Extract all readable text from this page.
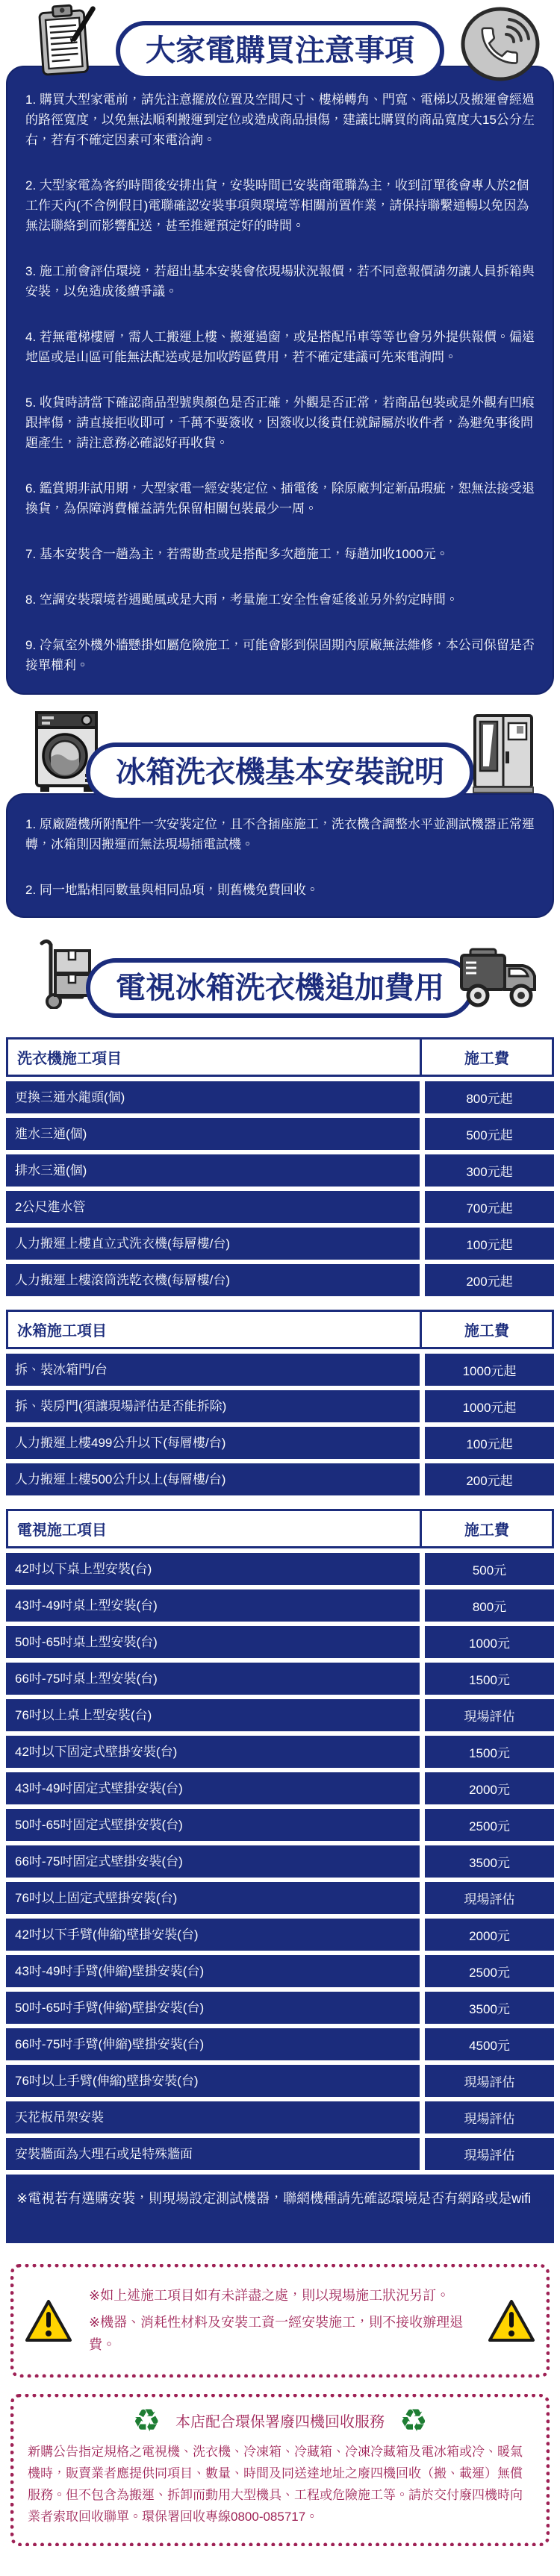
大家電購買注意事項

1. 購買大型家電前，請先注意擺放位置及空間尺寸、樓梯轉角、門寬、電梯以及搬運會經過的路徑寬度，以免無法順利搬運到定位或造成商品損傷，建議比購買的商品寬度大15公分左右，若有不確定因素可來電洽詢。

2. 大型家電為客約時間後安排出貨，安裝時間已安裝商電聯為主，收到訂單後會專人於2個工作天內(不含例假日)電聯確認安裝事項與環境等相關前置作業，請保持聯繫通暢以免因為無法聯絡到而影響配送，甚至推遲預定好的時間。

3. 施工前會評估環境，若超出基本安裝會依現場狀況報價，若不同意報價請勿讓人員拆箱與安裝，以免造成後續爭議。

4. 若無電梯樓層，需人工搬運上樓、搬運過窗，或是搭配吊車等等也會另外提供報價。偏遠地區或是山區可能無法配送或是加收跨區費用，若不確定建議可先來電詢問。

5. 收貨時請當下確認商品型號與顏色是否正確，外觀是否正常，若商品包裝或是外觀有凹痕跟摔傷，請直接拒收即可，千萬不要簽收，因簽收以後責任就歸屬於收件者，為避免事後問題產生，請注意務必確認好再收貨。

6. 鑑賞期非試用期，大型家電一經安裝定位、插電後，除原廠判定新品瑕疵，恕無法接受退換貨，為保障消費權益請先保留相關包裝最少一周。

7. 基本安裝含一趟為主，若需勘查或是搭配多次趟施工，每趟加收1000元。

8. 空調安裝環境若遇颱風或是大雨，考量施工安全性會延後並另外約定時間。

9. 冷氣室外機外牆懸掛如屬危險施工，可能會影到保固期內原廠無法維修，本公司保留是否接單權利。

冰箱洗衣機基本安裝說明

1. 原廠隨機所附配件一次安裝定位，且不含插座施工，洗衣機含調整水平並測試機器正常運轉，冰箱則因搬運而無法現場插電試機。

2. 同一地點相同數量與相同品項，則舊機免費回收。

電視冰箱洗衣機追加費用
洗衣機施工項目	施工費
更換三通水龍頭(個)	800元起
進水三通(個)	500元起
排水三通(個)	300元起
2公尺進水管	700元起
人力搬運上樓直立式洗衣機(每層樓/台)	100元起
人力搬運上樓滾筒洗乾衣機(每層樓/台)	200元起
冰箱施工項目	施工費
拆、裝冰箱門/台	1000元起
拆、裝房門(須讓現場評估是否能拆除)	1000元起
人力搬運上樓499公升以下(每層樓/台)	100元起
人力搬運上樓500公升以上(每層樓/台)	200元起
電視施工項目	施工費
42吋以下桌上型安裝(台)	500元
43吋-49吋桌上型安裝(台)	800元
50吋-65吋桌上型安裝(台)	1000元
66吋-75吋桌上型安裝(台)	1500元
76吋以上桌上型安裝(台)	現場評估
42吋以下固定式壁掛安裝(台)	1500元
43吋-49吋固定式壁掛安裝(台)	2000元
50吋-65吋固定式壁掛安裝(台)	2500元
66吋-75吋固定式壁掛安裝(台)	3500元
76吋以上固定式壁掛安裝(台)	現場評估
42吋以下手臂(伸縮)壁掛安裝(台)	2000元
43吋-49吋手臂(伸縮)壁掛安裝(台)	2500元
50吋-65吋手臂(伸縮)壁掛安裝(台)	3500元
66吋-75吋手臂(伸縮)壁掛安裝(台)	4500元
76吋以上手臂(伸縮)壁掛安裝(台)	現場評估
天花板吊架安裝	現場評估
安裝牆面為大理石或是特殊牆面	現場評估
※電視若有選購安裝，則現場設定測試機器，聯網機種請先確認環境是否有網路或是wifi

※如上述施工項目如有未詳盡之處，則以現場施工狀況另訂。

※機器、消耗性材料及安裝工資一經安裝施工，則不接收辦理退費。

♻ 本店配合環保署廢四機回收服務 ♻

新購公告指定規格之電視機、洗衣機、冷凍箱、冷藏箱、冷凍冷藏箱及電冰箱或冷、暖氣機時，販賣業者應提供同項目、數量、時間及同送達地址之廢四機回收（搬、載運）無償服務。但不包含為搬運、拆卸而動用大型機具、工程或危險施工等。請於交付廢四機時向業者索取回收聯單。環保署回收專線0800-085717。
